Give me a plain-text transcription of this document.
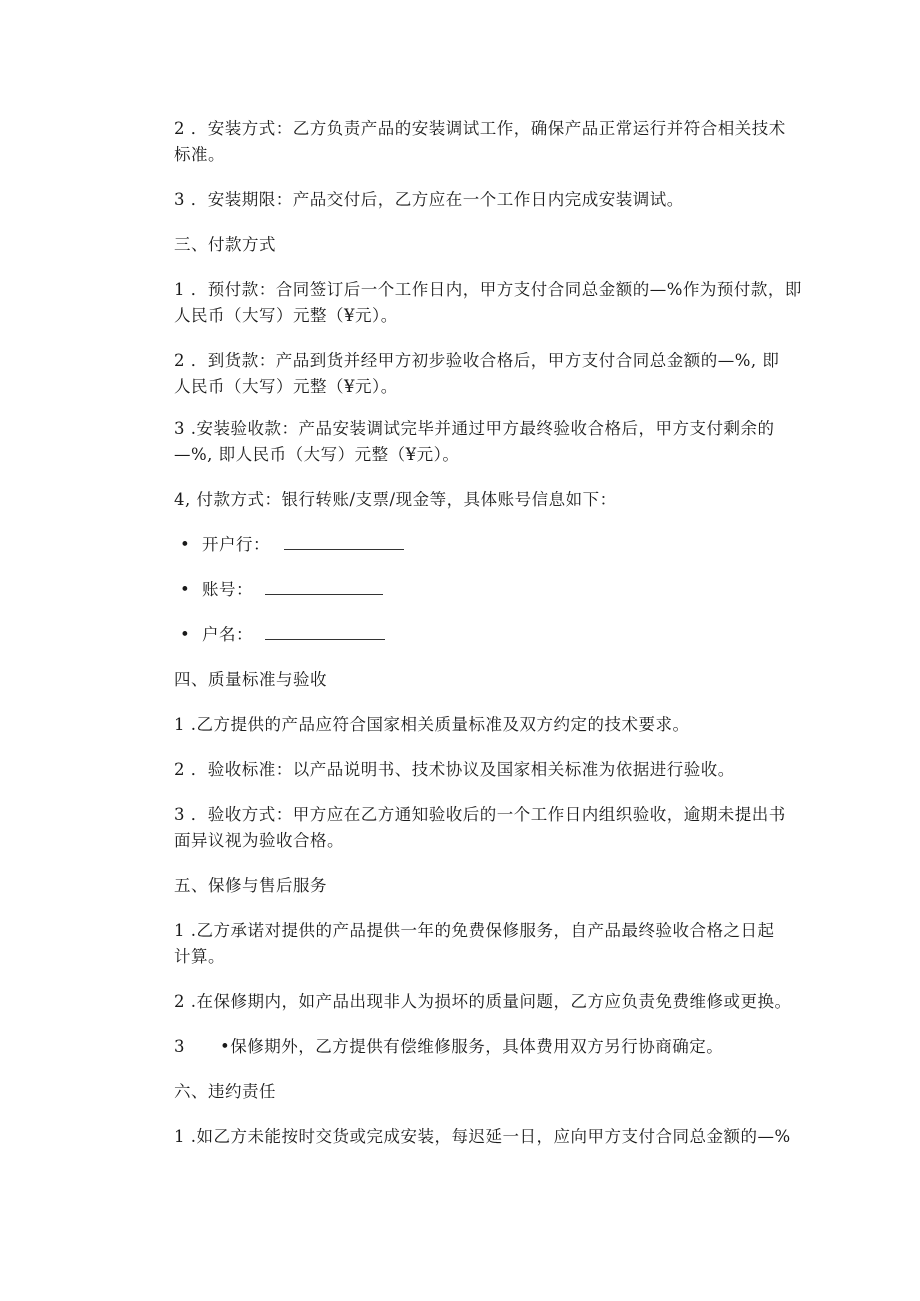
2 ．安装方式：乙方负责产品的安装调试工作，确保产品正常运行并符合相关技术
标准。
3 ．安装期限：产品交付后，乙方应在一个工作日内完成安装调试。
三、付款方式
1 ．预付款：合同签订后一个工作日内，甲方支付合同总金额的—%作为预付款，即
人民币（大写）元整（¥元）。
2 ．到货款：产品到货并经甲方初步验收合格后，甲方支付合同总金额的—%, 即
人民币（大写）元整（¥元）。
3 .安装验收款：产品安装调试完毕并通过甲方最终验收合格后，甲方支付剩余的
—%, 即人民币（大写）元整（¥元）。
4, 付款方式：银行转账/支票/现金等，具体账号信息如下：
• 开户行：
• 账号：
• 户名：
四、质量标准与验收
1 .乙方提供的产品应符合国家相关质量标准及双方约定的技术要求。
2 ．验收标准：以产品说明书、技术协议及国家相关标准为依据进行验收。
3 ．验收方式：甲方应在乙方通知验收后的一个工作日内组织验收，逾期未提出书
面异议视为验收合格。
五、保修与售后服务
1 .乙方承诺对提供的产品提供一年的免费保修服务，自产品最终验收合格之日起
计算。
2 .在保修期内，如产品出现非人为损坏的质量问题，乙方应负责免费维修或更换。
3 •保修期外，乙方提供有偿维修服务，具体费用双方另行协商确定。
六、违约责任
1 .如乙方未能按时交货或完成安装，每迟延一日，应向甲方支付合同总金额的—%
